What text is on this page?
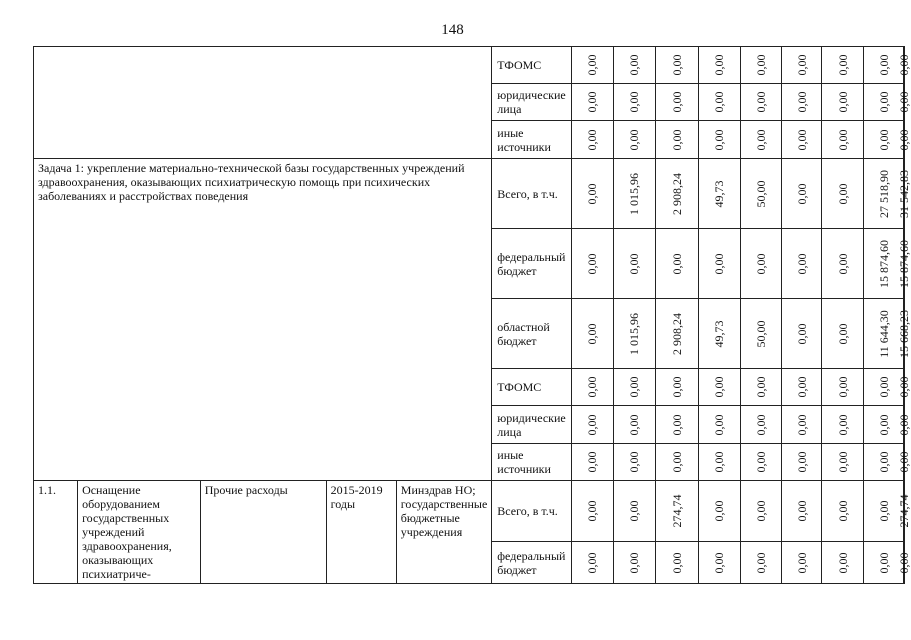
148
					ТФОМС	0,00	0,00	0,00	0,00	0,00	0,00	0,00	0,00	0,00

					юридические лица	0,00	0,00	0,00	0,00	0,00	0,00	0,00	0,00	0,00

					иные источники	0,00	0,00	0,00	0,00	0,00	0,00	0,00	0,00	0,00

Задача 1: укрепление материально-технической базы государственных учреждений здравоохранения, оказывающих психиатрическую помощь при психических заболеваниях и расстройствах поведения					Всего, в т.ч.	0,00	1 015,96	2 908,24	49,73	50,00	0,00	0,00	27 518,90	31 542,83

					федеральный бюджет	0,00	0,00	0,00	0,00	0,00	0,00	0,00	15 874,60	15 874,60

					областной бюджет	0,00	1 015,96	2 908,24	49,73	50,00	0,00	0,00	11 644,30	15 668,23

					ТФОМС	0,00	0,00	0,00	0,00	0,00	0,00	0,00	0,00	0,00

					юридические лица	0,00	0,00	0,00	0,00	0,00	0,00	0,00	0,00	0,00

					иные источники	0,00	0,00	0,00	0,00	0,00	0,00	0,00	0,00	0,00

1.1.	Оснащение оборудованием государственных учреждений здравоохранения, оказывающих психиатриче-	Прочие расходы	2015-2019 годы	Минздрав НО; государственные бюджетные учреждения	Всего, в т.ч.	0,00	0,00	274,74	0,00	0,00	0,00	0,00	0,00	274,74

					федеральный бюджет	0,00	0,00	0,00	0,00	0,00	0,00	0,00	0,00	0,00
